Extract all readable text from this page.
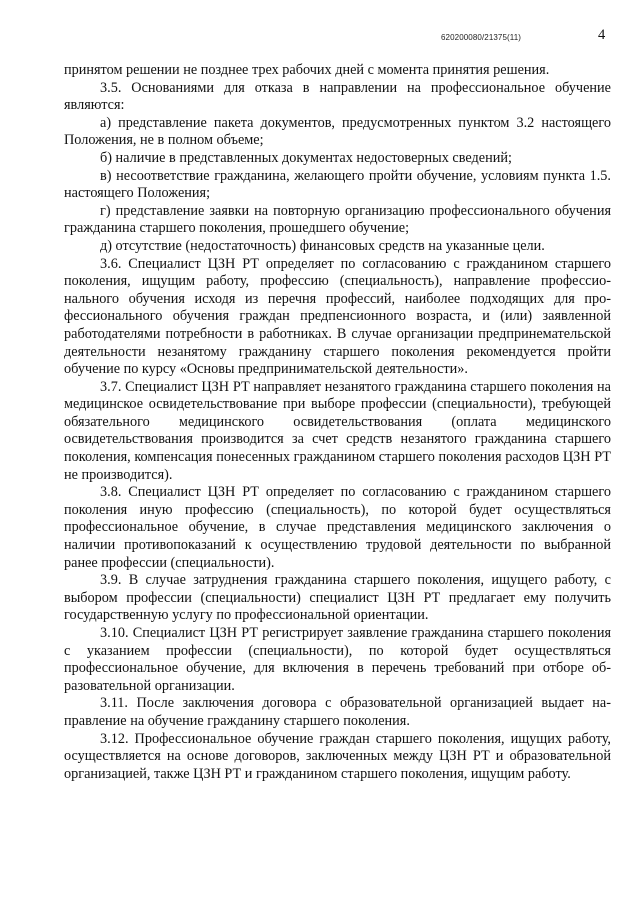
620200080/21375(11)	4

принятом решении не позднее трех рабочих дней с момента принятия решения.

3.5. Основаниями для отказа в направлении на профессиональное обучение являются:

а) представление пакета документов, предусмотренных пунктом 3.2 настоящего Положения, не в полном объеме;

б) наличие в представленных документах недостоверных сведений;

в) несоответствие гражданина, желающего пройти обучение, условиям пункта 1.5. настоящего Положения;

г) представление заявки на повторную организацию профессионального обучения гражданина старшего поколения, прошедшего обучение;

д) отсутствие (недостаточность) финансовых средств на указанные цели.

3.6. Специалист ЦЗН РТ определяет по согласованию с гражданином старшего поколения, ищущим работу, профессию (специальность), направление профессионального обучения исходя из перечня профессий, наиболее подходящих для профессионального обучения граждан предпенсионного возраста, и (или) заявленной работодателями потребности в работниках. В случае организации предпринемательской деятельности незанятому гражданину старшего поколения рекомендуется пройти обучение по курсу «Основы предпринимательской деятельности».

3.7. Специалист ЦЗН РТ направляет незанятого гражданина старшего поколения на медицинское освидетельствование при выборе профессии (специальности), требующей обязательного медицинского освидетельствования (оплата медицинского освидетельствования производится за счет средств незанятого гражданина старшего поколения, компенсация понесенных гражданином старшего поколения расходов ЦЗН РТ не производится).

3.8. Специалист ЦЗН РТ определяет по согласованию с гражданином старшего поколения иную профессию (специальность), по которой будет осуществляться профессиональное обучение, в случае представления медицинского заключения о наличии противопоказаний к осуществлению трудовой деятельности по выбранной ранее профессии (специальности).

3.9. В случае затруднения гражданина старшего поколения, ищущего работу, с выбором профессии (специальности) специалист ЦЗН РТ предлагает ему получить государственную услугу по профессиональной ориентации.

3.10. Специалист ЦЗН РТ регистрирует заявление гражданина старшего поколения с указанием профессии (специальности), по которой будет осуществляться профессиональное обучение, для включения в перечень требований при отборе образовательной организации.

3.11. После заключения договора с образовательной организацией выдает направление на обучение гражданину старшего поколения.

3.12. Профессиональное обучение граждан старшего поколения, ищущих работу, осуществляется на основе договоров, заключенных между ЦЗН РТ и образовательной организацией, также ЦЗН РТ и гражданином старшего поколения, ищущим работу.
